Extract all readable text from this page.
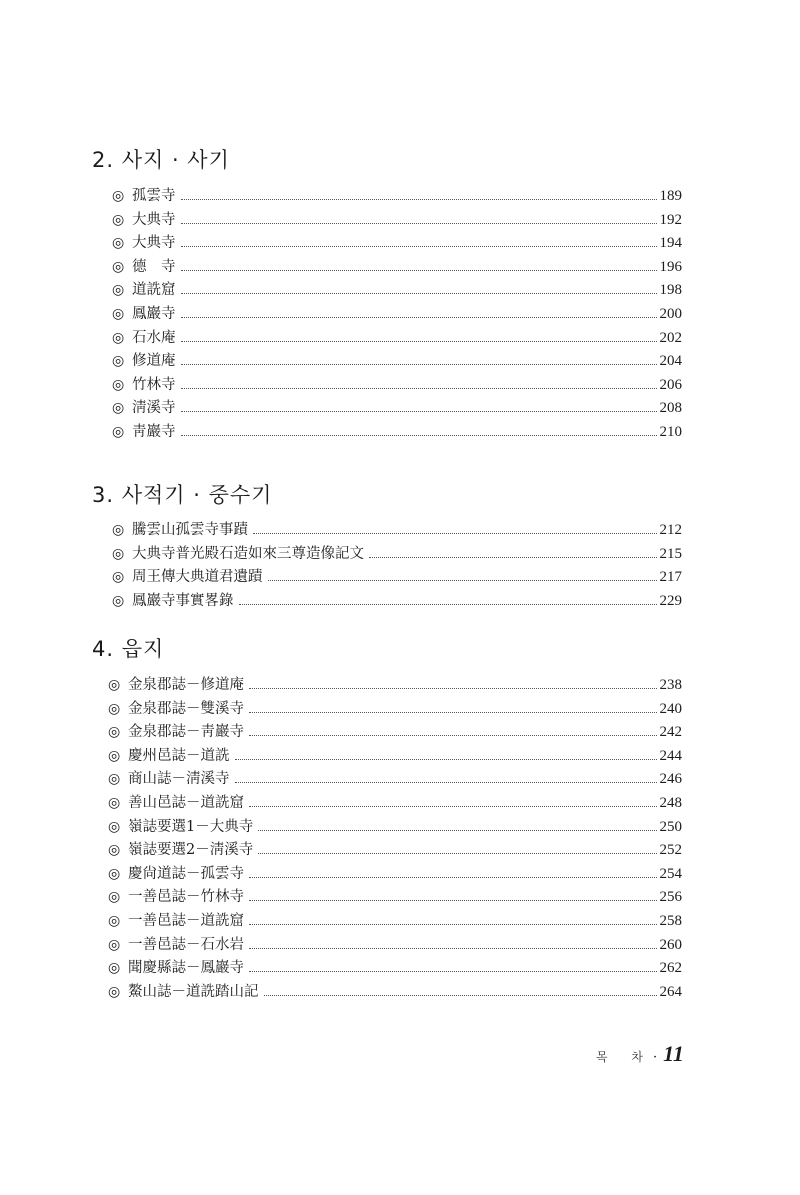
2. 사지 · 사기
◎ 孤雲寺	189
◎ 大典寺	192
◎ 大典寺	194
◎ 德　寺	196
◎ 道詵窟	198
◎ 鳳巖寺	200
◎ 石水庵	202
◎ 修道庵	204
◎ 竹林寺	206
◎ 淸溪寺	208
◎ 靑巖寺	210
3. 사적기 · 중수기
◎ 騰雲山孤雲寺事蹟	212
◎ 大典寺普光殿石造如來三尊造像記文	215
◎ 周王傳大典道君遺蹟	217
◎ 鳳巖寺事實畧錄	229
4. 읍지
◎ 金泉郡誌－修道庵	238
◎ 金泉郡誌－雙溪寺	240
◎ 金泉郡誌－靑巖寺	242
◎ 慶州邑誌－道詵	244
◎ 商山誌－淸溪寺	246
◎ 善山邑誌－道詵窟	248
◎ 嶺誌要選1－大典寺	250
◎ 嶺誌要選2－淸溪寺	252
◎ 慶尙道誌－孤雲寺	254
◎ 一善邑誌－竹林寺	256
◎ 一善邑誌－道詵窟	258
◎ 一善邑誌－石水岩	260
◎ 聞慶縣誌－鳳巖寺	262
◎ 鰲山誌－道詵踏山記	264
목 차 · 11
